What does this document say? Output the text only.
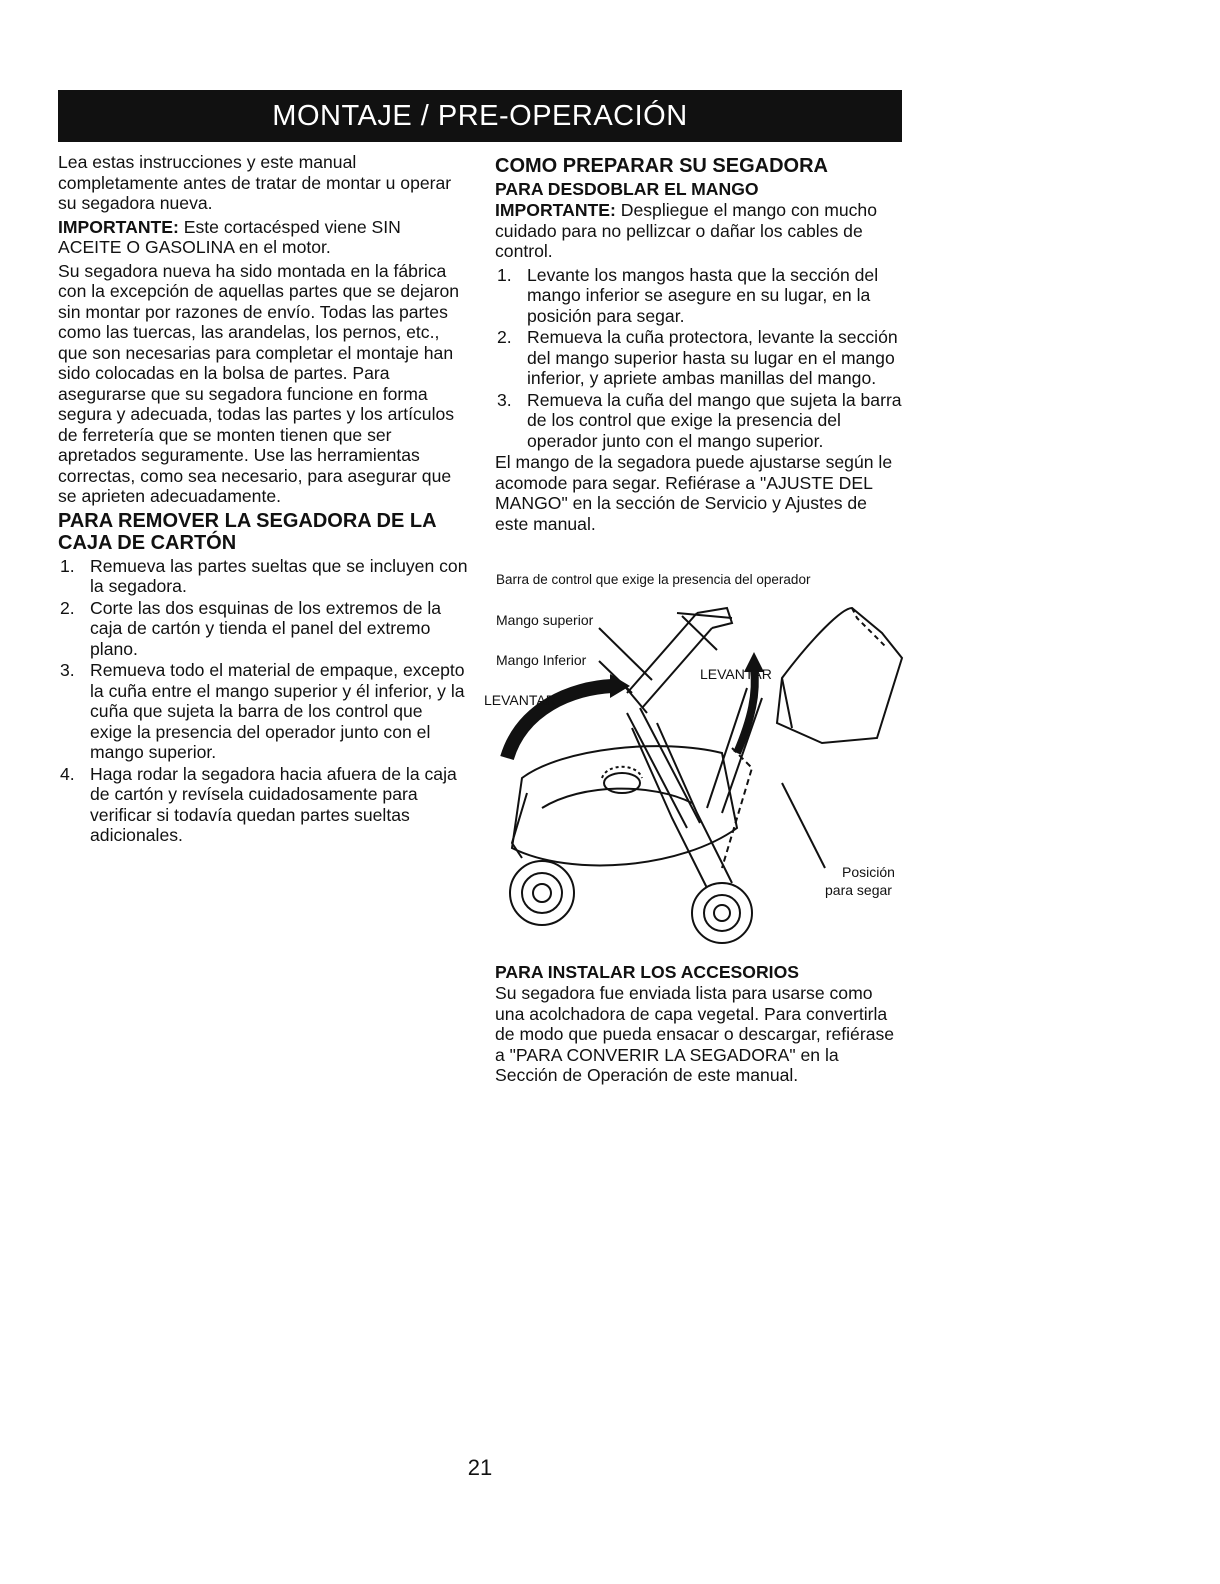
MONTAJE / PRE-OPERACIÓN

Lea estas instrucciones y este manual completamente antes de tratar de montar u operar su segadora nueva.

IMPORTANTE: Este cortacésped viene SIN ACEITE O GASOLINA en el motor.

Su segadora nueva ha sido montada en la fábrica con la excepción de aquellas partes que se dejaron sin montar por razones de envío. Todas las partes como las tuercas, las arandelas, los pernos, etc., que son necesarias para completar el montaje han sido colocadas en la bolsa de partes. Para asegurarse que su segadora funcione en forma segura y adecuada, todas las partes y los artículos de ferretería que se monten tienen que ser apretados seguramente. Use las herramientas correctas, como sea necesario, para asegurar que se aprieten adecuadamente.

PARA REMOVER LA SEGADORA DE LA CAJA DE CARTÓN
1. Remueva las partes sueltas que se incluyen con la segadora.
2. Corte las dos esquinas de los extremos de la caja de cartón y tienda el panel del extremo plano.
3. Remueva todo el material de empaque, excepto la cuña entre el mango superior y él inferior, y la cuña que sujeta la barra de los control que exige la presencia del operador junto con el mango superior.
4. Haga rodar la segadora hacia afuera de la caja de cartón y revísela cuidadosamente para verificar si todavía quedan partes sueltas adicionales.
COMO PREPARAR SU SEGADORA
PARA DESDOBLAR EL MANGO

IMPORTANTE: Despliegue el mango con mucho cuidado para no pellizcar o dañar los cables de control.

1. Levante los mangos hasta que la sección del mango inferior se asegure en su lugar, en la posición para segar.
2. Remueva la cuña protectora, levante la sección del mango superior hasta su lugar en el mango inferior, y apriete ambas manillas del mango.
3. Remueva la cuña del mango que sujeta la barra de los control que exige la presencia del operador junto con el mango superior.

El mango de la segadora puede ajustarse según le acomode para segar. Refiérase a "AJUSTE DEL MANGO" en la sección de Servicio y Ajustes de este manual.

Barra de control que exige la presencia del operador
Mango superior
Mango Inferior
LEVANTAR
LEVANTAR
Posición
para segar
PARA INSTALAR LOS ACCESORIOS

Su segadora fue enviada lista para usarse como una acolchadora de capa vegetal. Para convertirla de modo que pueda ensacar o descargar, refiérase a "PARA CONVERIR LA SEGADORA" en la Sección de Operación de este manual.

21
